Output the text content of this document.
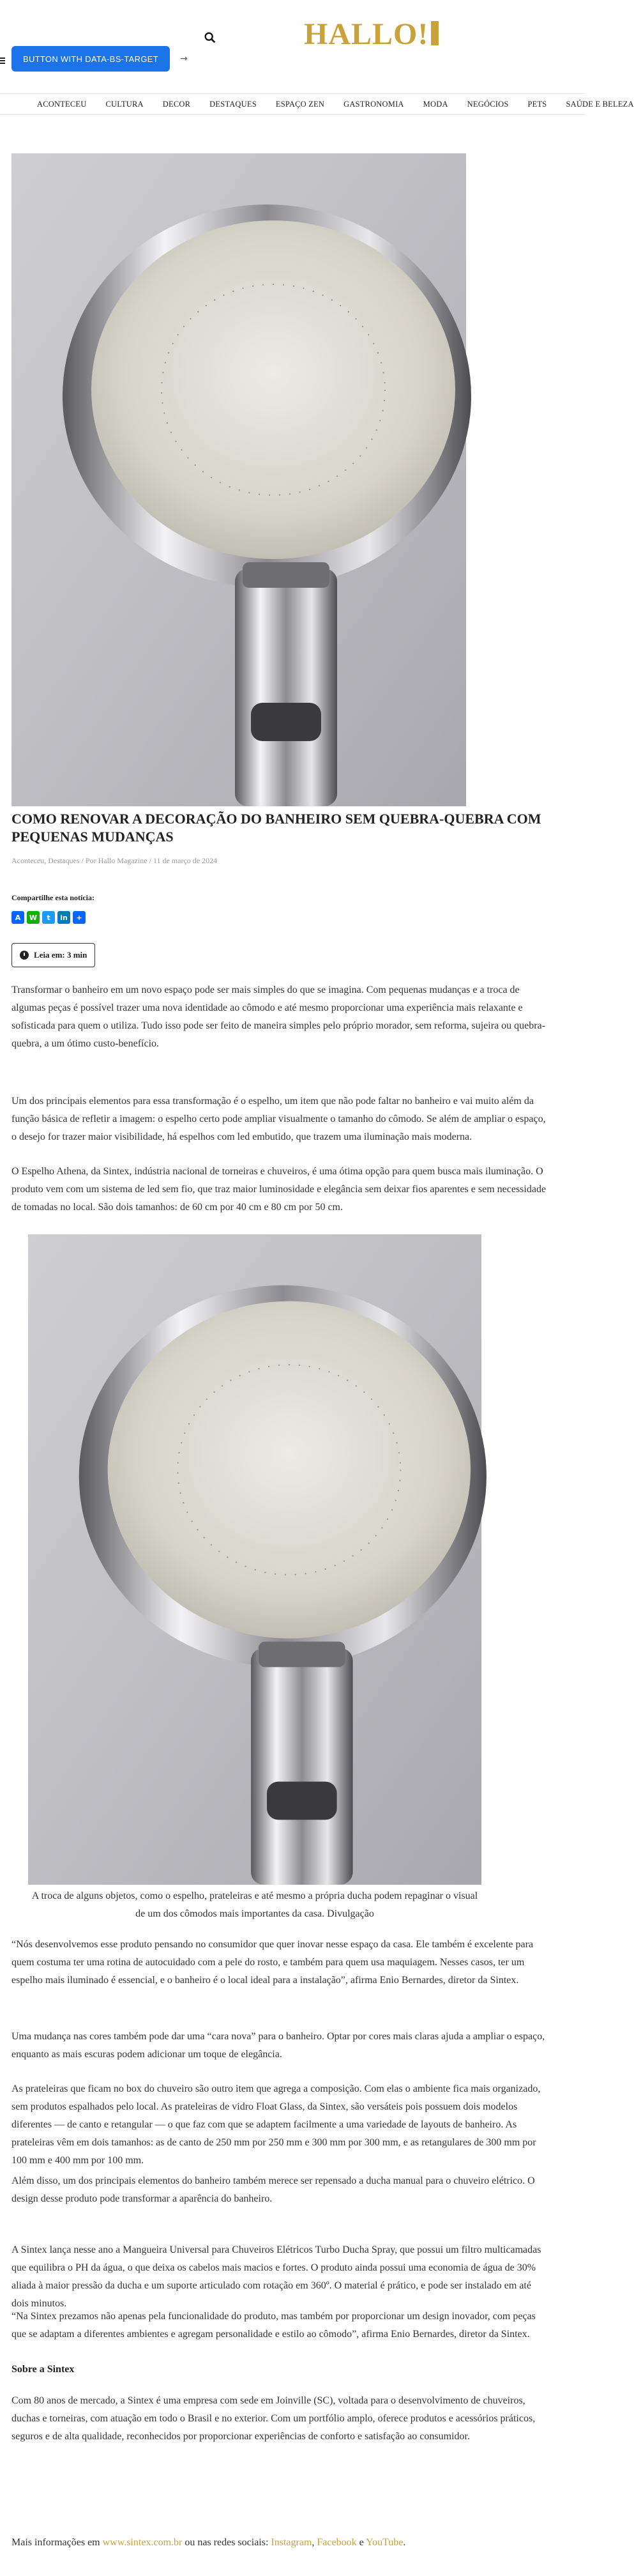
HALLO!
BUTTON WITH DATA-BS-TARGET	→
ACONTECEU CULTURA DECOR DESTAQUES ESPAÇO ZEN GASTRONOMIA MODA NEGÓCIOS PETS SAÚDE E BELEZA
COMO RENOVAR A DECORAÇÃO DO BANHEIRO SEM QUEBRA-QUEBRA COM PEQUENAS MUDANÇAS
Aconteceu, Destaques / Por Hallo Magazine / 11 de março de 2024
Compartilhe esta notícia:
A	W	t	in	+
Leia em: 3 min

Transformar o banheiro em um novo espaço pode ser mais simples do que se imagina. Com pequenas mudanças e a troca de algumas peças é possível trazer uma nova identidade ao cômodo e até mesmo proporcionar uma experiência mais relaxante e sofisticada para quem o utiliza. Tudo isso pode ser feito de maneira simples pelo próprio morador, sem reforma, sujeira ou quebra-quebra, a um ótimo custo-benefício.

Um dos principais elementos para essa transformação é o espelho, um item que não pode faltar no banheiro e vai muito além da função básica de refletir a imagem: o espelho certo pode ampliar visualmente o tamanho do cômodo. Se além de ampliar o espaço, o desejo for trazer maior visibilidade, há espelhos com led embutido, que trazem uma iluminação mais moderna.

O Espelho Athena, da Sintex, indústria nacional de torneiras e chuveiros, é uma ótima opção para quem busca mais iluminação. O produto vem com um sistema de led sem fio, que traz maior luminosidade e elegância sem deixar fios aparentes e sem necessidade de tomadas no local. São dois tamanhos: de 60 cm por 40 cm e 80 cm por 50 cm.

A troca de alguns objetos, como o espelho, prateleiras e até mesmo a própria ducha podem repaginar o visual de um dos cômodos mais importantes da casa. Divulgação

“Nós desenvolvemos esse produto pensando no consumidor que quer inovar nesse espaço da casa. Ele também é excelente para quem costuma ter uma rotina de autocuidado com a pele do rosto, e também para quem usa maquiagem. Nesses casos, ter um espelho mais iluminado é essencial, e o banheiro é o local ideal para a instalação”, afirma Enio Bernardes, diretor da Sintex.

Uma mudança nas cores também pode dar uma “cara nova” para o banheiro. Optar por cores mais claras ajuda a ampliar o espaço, enquanto as mais escuras podem adicionar um toque de elegância.

As prateleiras que ficam no box do chuveiro são outro item que agrega a composição. Com elas o ambiente fica mais organizado, sem produtos espalhados pelo local. As prateleiras de vidro Float Glass, da Sintex, são versáteis pois possuem dois modelos diferentes — de canto e retangular — o que faz com que se adaptem facilmente a uma variedade de layouts de banheiro. As prateleiras vêm em dois tamanhos: as de canto de 250 mm por 250 mm e 300 mm por 300 mm, e as retangulares de 300 mm por 100 mm e 400 mm por 100 mm.

Além disso, um dos principais elementos do banheiro também merece ser repensado a ducha manual para o chuveiro elétrico. O design desse produto pode transformar a aparência do banheiro.

A Sintex lança nesse ano a Mangueira Universal para Chuveiros Elétricos Turbo Ducha Spray, que possui um filtro multicamadas que equilibra o PH da água, o que deixa os cabelos mais macios e fortes. O produto ainda possui uma economia de água de 30% aliada à maior pressão da ducha e um suporte articulado com rotação em 360º. O material é prático, e pode ser instalado em até dois minutos.

“Na Sintex prezamos não apenas pela funcionalidade do produto, mas também por proporcionar um design inovador, com peças que se adaptam a diferentes ambientes e agregam personalidade e estilo ao cômodo”, afirma Enio Bernardes, diretor da Sintex.

Sobre a Sintex

Com 80 anos de mercado, a Sintex é uma empresa com sede em Joinville (SC), voltada para o desenvolvimento de chuveiros, duchas e torneiras, com atuação em todo o Brasil e no exterior. Com um portfólio amplo, oferece produtos e acessórios práticos, seguros e de alta qualidade, reconhecidos por proporcionar experiências de conforto e satisfação ao consumidor.

Mais informações em www.sintex.com.br ou nas redes sociais: Instagram, Facebook e YouTube.
